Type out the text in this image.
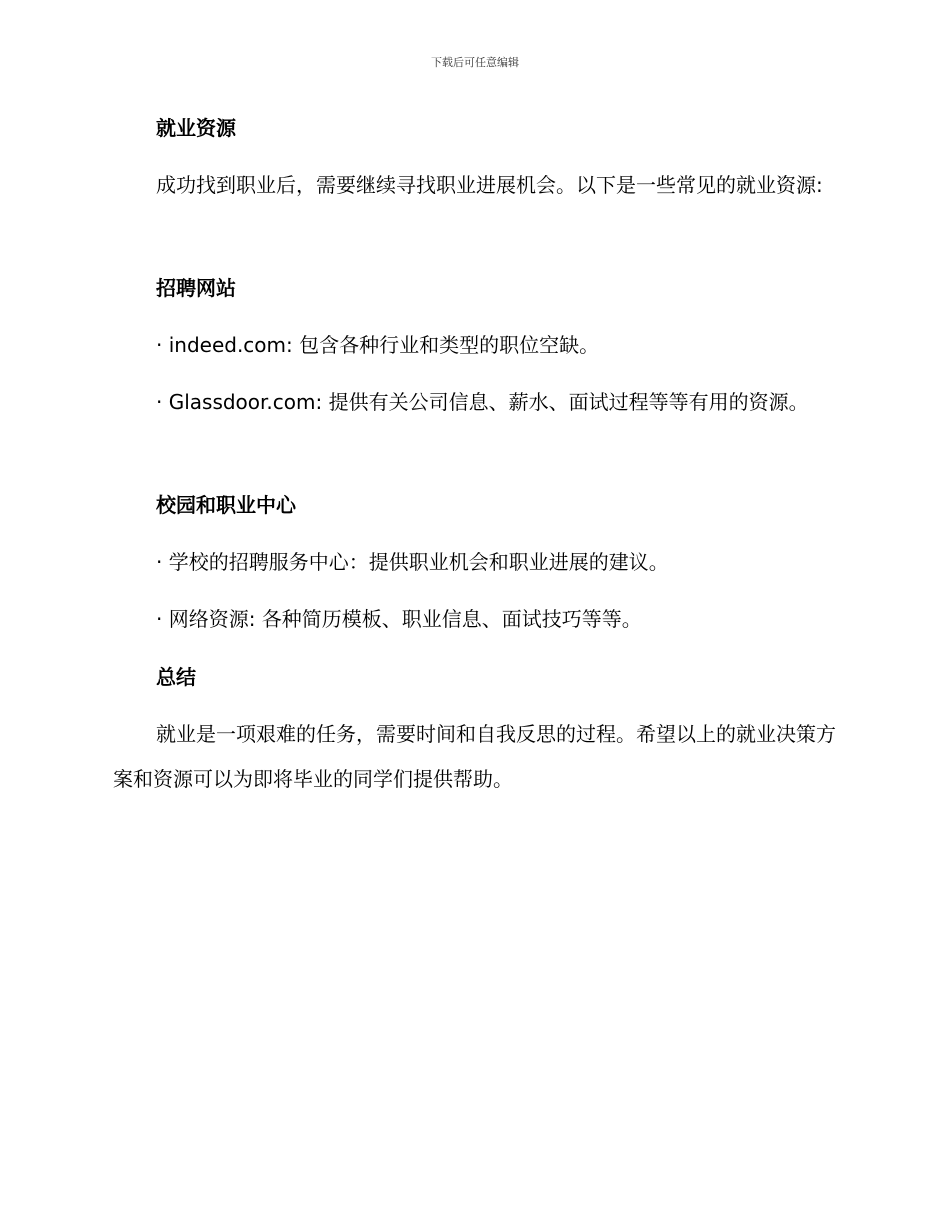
下载后可任意编辑
就业资源

成功找到职业后，需要继续寻找职业进展机会。以下是一些常见的就业资源:

招聘网站

· indeed.com: 包含各种行业和类型的职位空缺。

· Glassdoor.com: 提供有关公司信息、薪水、面试过程等等有用的资源。

校园和职业中心

· 学校的招聘服务中心：提供职业机会和职业进展的建议。

· 网络资源: 各种简历模板、职业信息、面试技巧等等。

总结

就业是一项艰难的任务，需要时间和自我反思的过程。希望以上的就业决策方案和资源可以为即将毕业的同学们提供帮助。
